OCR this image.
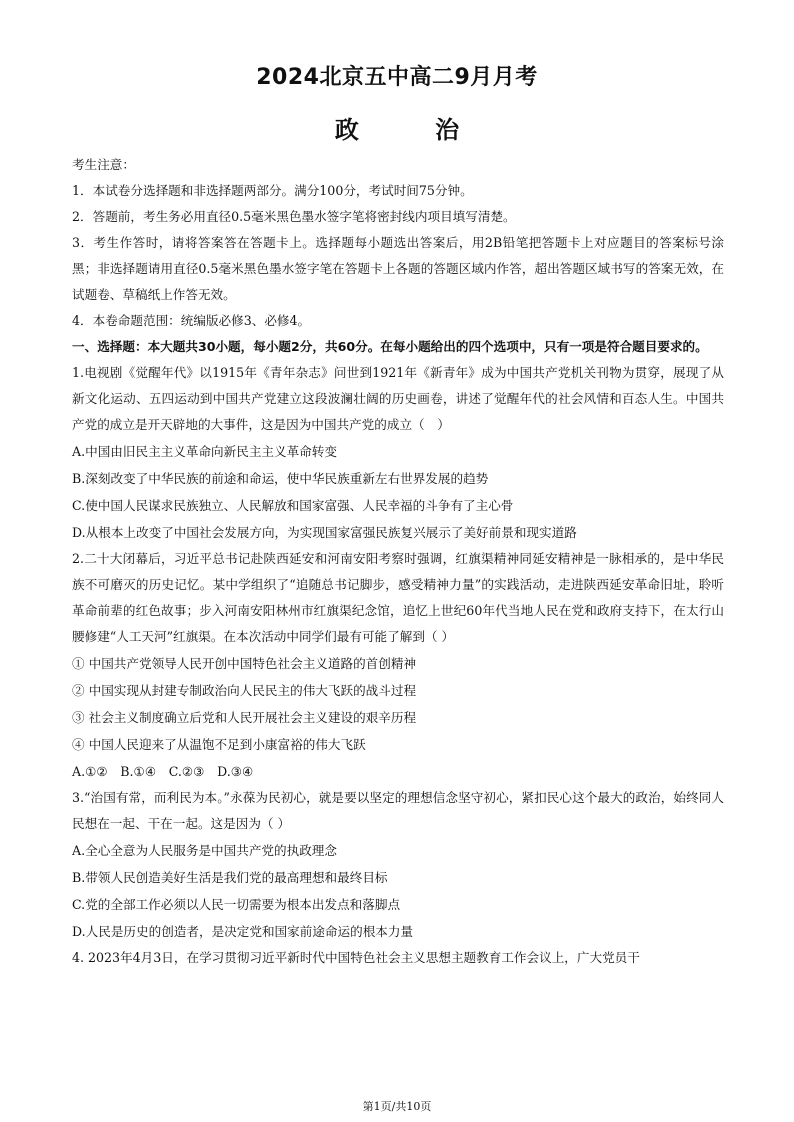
2024北京五中高二9月月考
政 治
考生注意：
1．本试卷分选择题和非选择题两部分。满分100分，考试时间75分钟。
2．答题前，考生务必用直径0.5毫米黑色墨水签字笔将密封线内项目填写清楚。
3．考生作答时，请将答案答在答题卡上。选择题每小题选出答案后，用2B铅笔把答题卡上对应题目的答案标号涂黑；非选择题请用直径0.5毫米黑色墨水签字笔在答题卡上各题的答题区域内作答，超出答题区域书写的答案无效，在试题卷、草稿纸上作答无效。
4．本卷命题范围：统编版必修3、必修4。
一、选择题：本大题共30小题，每小题2分，共60分。在每小题给出的四个选项中，只有一项是符合题目要求的。
1.电视剧《觉醒年代》以1915年《青年杂志》问世到1921年《新青年》成为中国共产党机关刊物为贯穿，展现了从新文化运动、五四运动到中国共产党建立这段波澜壮阔的历史画卷，讲述了觉醒年代的社会风情和百态人生。中国共产党的成立是开天辟地的大事件，这是因为中国共产党的成立（　）
A.中国由旧民主主义革命向新民主主义革命转变
B.深刻改变了中华民族的前途和命运，使中华民族重新左右世界发展的趋势
C.使中国人民谋求民族独立、人民解放和国家富强、人民幸福的斗争有了主心骨
D.从根本上改变了中国社会发展方向，为实现国家富强民族复兴展示了美好前景和现实道路
2.二十大闭幕后，习近平总书记赴陕西延安和河南安阳考察时强调，红旗渠精神同延安精神是一脉相承的，是中华民族不可磨灭的历史记忆。某中学组织了“追随总书记脚步，感受精神力量”的实践活动，走进陕西延安革命旧址，聆听革命前辈的红色故事；步入河南安阳林州市红旗渠纪念馆，追忆上世纪60年代当地人民在党和政府支持下，在太行山腰修建“人工天河”红旗渠。在本次活动中同学们最有可能了解到（ ）
① 中国共产党领导人民开创中国特色社会主义道路的首创精神
② 中国实现从封建专制政治向人民民主的伟大飞跃的战斗过程
③ 社会主义制度确立后党和人民开展社会主义建设的艰辛历程
④ 中国人民迎来了从温饱不足到小康富裕的伟大飞跃
A.①②　B.①④　C.②③　D.③④
3.“治国有常，而利民为本。”永葆为民初心，就是要以坚定的理想信念坚守初心，紧扣民心这个最大的政治，始终同人民想在一起、干在一起。这是因为（ ）
A.全心全意为人民服务是中国共产党的执政理念
B.带领人民创造美好生活是我们党的最高理想和最终目标
C.党的全部工作必须以人民一切需要为根本出发点和落脚点
D.人民是历史的创造者，是决定党和国家前途命运的根本力量
4. 2023年4月3日，在学习贯彻习近平新时代中国特色社会主义思想主题教育工作会议上，广大党员干
第1页/共10页
